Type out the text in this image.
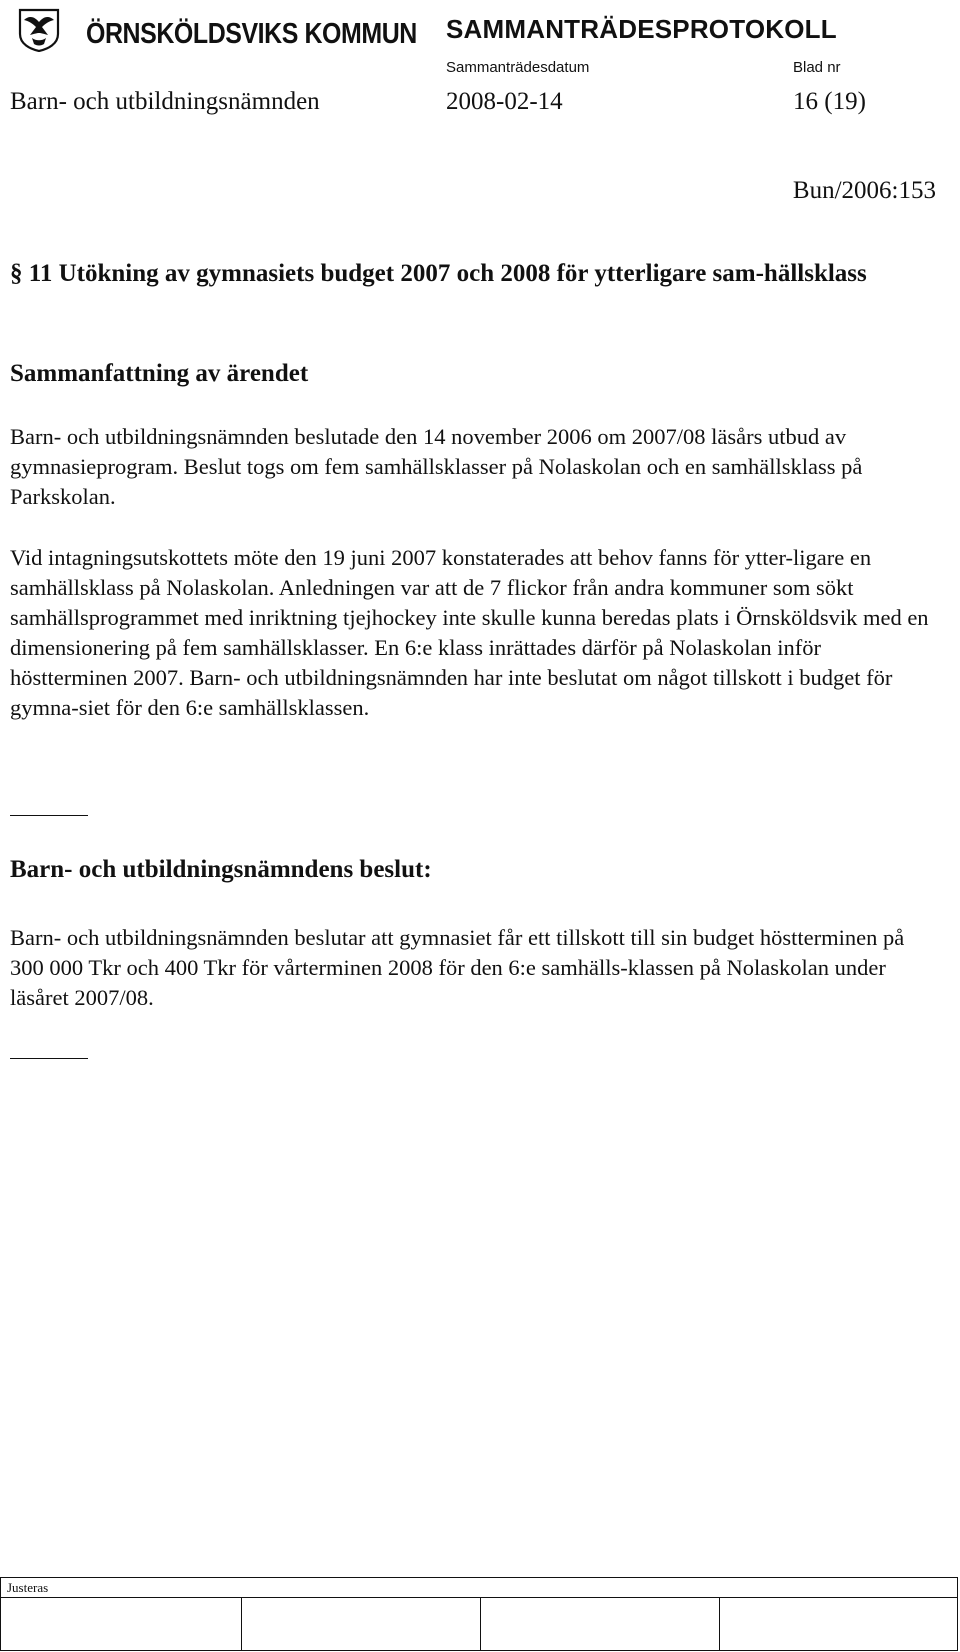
ÖRNSKÖLDSVIKS KOMMUN SAMMANTRÄDESPROTOKOLL
Sammanträdesdatum	Blad nr
Barn- och utbildningsnämnden	2008-02-14	16 (19)
Bun/2006:153
§ 11 Utökning av gymnasiets budget 2007 och 2008 för ytterligare sam-hällsklass
Sammanfattning av ärendet

Barn- och utbildningsnämnden beslutade den 14 november 2006 om 2007/08 läsårs utbud av gymnasieprogram. Beslut togs om fem samhällsklasser på Nolaskolan och en samhällsklass på Parkskolan.

Vid intagningsutskottets möte den 19 juni 2007 konstaterades att behov fanns för ytter-ligare en samhällsklass på Nolaskolan. Anledningen var att de 7 flickor från andra kommuner som sökt samhällsprogrammet med inriktning tjejhockey inte skulle kunna beredas plats i Örnsköldsvik med en dimensionering på fem samhällsklasser. En 6:e klass inrättades därför på Nolaskolan inför höstterminen 2007. Barn- och utbildningsnämnden har inte beslutat om något tillskott i budget för gymna-siet för den 6:e samhällsklassen.

Barn- och utbildningsnämndens beslut:

Barn- och utbildningsnämnden beslutar att gymnasiet får ett tillskott till sin budget höstterminen på 300 000 Tkr och 400 Tkr för vårterminen 2008 för den 6:e samhälls-klassen på Nolaskolan under läsåret 2007/08.

Justeras
